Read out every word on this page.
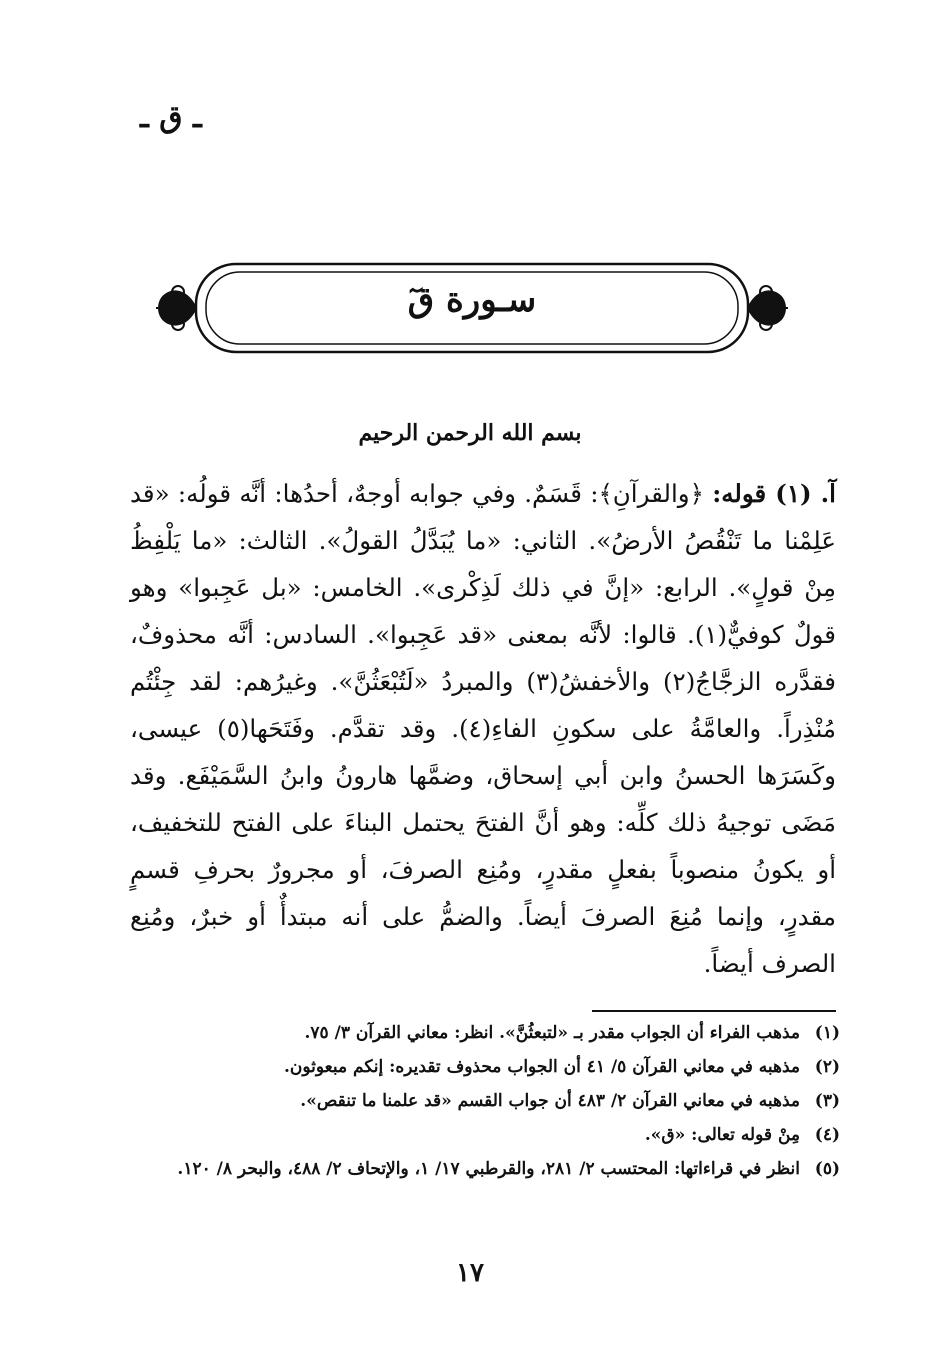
ـ ق ـ
سـورة قٓ
بسم الله الرحمن الرحيم

آ. (١) قوله: ﴿والقرآنِ﴾: قَسَمٌ. وفي جوابه أوجهٌ، أحدُها: أنَّه قولُه: «قد عَلِمْنا ما تَنْقُصُ الأرضُ». الثاني: «ما يُبَدَّلُ القولُ». الثالث: «ما يَلْفِظُ مِنْ قولٍ». الرابع: «إنَّ في ذلك لَذِكْرى». الخامس: «بل عَجِبوا» وهو قولٌ كوفيٌّ(١). قالوا: لأنَّه بمعنى «قد عَجِبوا». السادس: أنَّه محذوفٌ، فقدَّره الزجَّاجُ(٢) والأخفشُ(٣) والمبردُ «لَتُبْعَثُنَّ». وغيرُهم: لقد جِئْتُم مُنْذِراً. والعامَّةُ على سكونِ الفاءِ(٤). وقد تقدَّم. وفَتَحَها(٥) عيسى، وكَسَرَها الحسنُ وابن أبي إسحاق، وضمَّها هارونُ وابنُ السَّمَيْفَع. وقد مَضَى توجيهُ ذلك كلِّه: وهو أنَّ الفتحَ يحتمل البناءَ على الفتح للتخفيف، أو يكونُ منصوباً بفعلٍ مقدرٍ، ومُنِع الصرفَ، أو مجرورٌ بحرفِ قسمٍ مقدرٍ، وإنما مُنِعَ الصرفَ أيضاً. والضمُّ على أنه مبتدأٌ أو خبرٌ، ومُنِع الصرف أيضاً.

(١)
مذهب الفراء أن الجواب مقدر بـ «لتبعثُنَّ». انظر: معاني القرآن ٣/ ٧٥.
(٢)
مذهبه في معاني القرآن ٥/ ٤١ أن الجواب محذوف تقديره: إنكم مبعوثون.
(٣)
مذهبه في معاني القرآن ٢/ ٤٨٣ أن جواب القسم «قد علمنا ما تنقص».
(٤)
مِنْ قوله تعالى: «ق».
(٥)
انظر في قراءاتها: المحتسب ٢/ ٢٨١، والقرطبي ١٧/ ١، والإتحاف ٢/ ٤٨٨، والبحر ٨/ ١٢٠.
١٧
